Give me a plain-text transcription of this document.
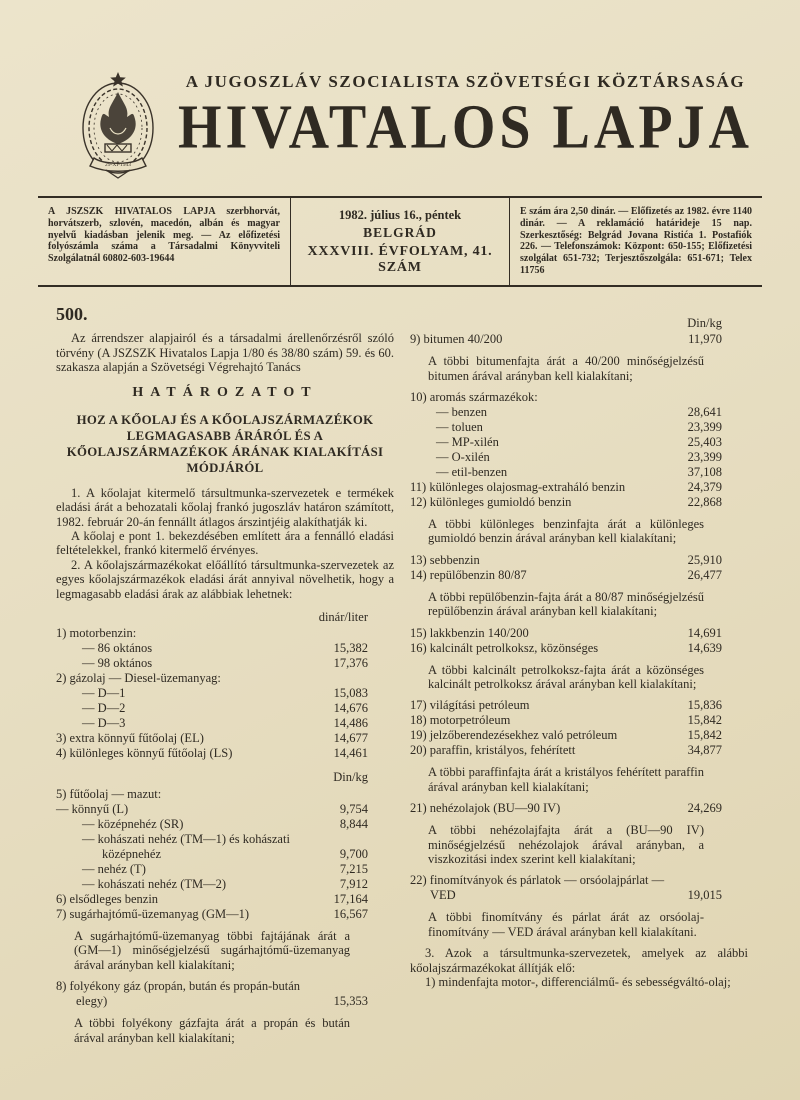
29-XI-1943
A JUGOSZLÁV SZOCIALISTA SZÖVETSÉGI KÖZTÁRSASÁG
HIVATALOS LAPJA
A JSZSZK HIVATALOS LAPJA szerbhorvát, horvátszerb, szlovén, macedón, albán és magyar nyelvű kiadásban jelenik meg. — Az előfizetési folyószámla száma a Társadalmi Könyvviteli Szolgálatnál 60802-603-19644
1982. július 16., péntek
BELGRÁD
XXXVIII. ÉVFOLYAM, 41. SZÁM
E szám ára 2,50 dinár. — Előfizetés az 1982. évre 1140 dinár. — A reklamáció határideje 15 nap. Szerkesztőség: Belgrád Jovana Ristića 1. Postafiók 226. — Telefonszámok: Központ: 650-155; Előfizetési szolgálat 651-732; Terjesztőszolgála: 651-671; Telex 11756
500.

Az árrendszer alapjairól és a társadalmi árellenőrzésről szóló törvény (A JSZSZK Hivatalos Lapja 1/80 és 38/80 szám) 59. és 60. szakasza alapján a Szövetségi Végrehajtó Tanács

HATÁROZATOT
HOZ A KŐOLAJ ÉS A KŐOLAJSZÁRMAZÉKOK LEGMAGASABB ÁRÁRÓL ÉS A KŐOLAJSZÁRMAZÉKOK ÁRÁNAK KIALAKÍTÁSI MÓDJÁRÓL

1. A kőolajat kitermelő társultmunka-szervezetek e termékek eladási árát a behozatali kőolaj frankó jugoszláv határon számított, 1982. február 20-án fennállt átlagos árszintjéig alakíthatják ki.

A kőolaj e pont 1. bekezdésében említett ára a fennálló eladási feltételekkel, frankó kitermelő érvényes.

2. A kőolajszármazékokat előállító társultmunka-szervezetek az egyes kőolajszármazékok eladási árát annyival növelhetik, hogy a legmagasabb eladási árak az alábbiak lehetnek:

dinár/liter
1) motorbenzin:
— 86 oktános	15,382
— 98 oktános	17,376
2) gázolaj — Diesel-üzemanyag:
— D—1	15,083
— D—2	14,676
— D—3	14,486
3) extra könnyű fűtőolaj (EL)	14,677
4) különleges könnyű fűtőolaj (LS)	14,461
Din/kg
5) fűtőolaj — mazut:
— könnyű (L)	9,754
— középnehéz (SR)	8,844
— kohászati nehéz (TM—1) és kohászati középnehéz	9,700
— nehéz (T)	7,215
— kohászati nehéz (TM—2)	7,912
6) elsődleges benzin	17,164
7) sugárhajtómű-üzemanyag (GM—1)	16,567

A sugárhajtómű-üzemanyag többi fajtájának árát a (GM—1) minőségjelzésű sugárhajtómű-üzemanyag árával arányban kell kialakítani;

8) folyékony gáz (propán, bután és propán-bután elegy)	15,353

A többi folyékony gázfajta árát a propán és bután árával arányban kell kialakítani;

Din/kg
9) bitumen 40/200	11,970

A többi bitumenfajta árát a 40/200 minőségjelzésű bitumen árával arányban kell kialakítani;

10) aromás származékok:
— benzen	28,641
— toluen	23,399
— MP-xilén	25,403
— O-xilén	23,399
— etil-benzen	37,108
11) különleges olajosmag-extraháló benzin	24,379
12) különleges gumioldó benzin	22,868

A többi különleges benzinfajta árát a különleges gumioldó benzin árával arányban kell kialakítani;

13) sebbenzin	25,910
14) repülőbenzin 80/87	26,477

A többi repülőbenzin-fajta árát a 80/87 minőségjelzésű repülőbenzin árával arányban kell kialakítani;

15) lakkbenzin 140/200	14,691
16) kalcinált petrolkoksz, közönséges	14,639

A többi kalcinált petrolkoksz-fajta árát a közönséges kalcinált petrolkoksz árával arányban kell kialakítani;

17) világítási petróleum	15,836
18) motorpetróleum	15,842
19) jelzőberendezésekhez való petróleum	15,842
20) paraffin, kristályos, fehérített	34,877

A többi paraffinfajta árát a kristályos fehérített paraffin árával arányban kell kialakítani;

21) nehézolajok (BU—90 IV)	24,269

A többi nehézolajfajta árát a (BU—90 IV) minőségjelzésű nehézolajok árával arányban, a viszkozitási index szerint kell kialakítani;

22) finomítványok és párlatok — orsóolajpárlat — VED	19,015

A többi finomítvány és párlat árát az orsóolaj-finomítvány — VED árával arányban kell kialakítani.

3. Azok a társultmunka-szervezetek, amelyek az alábbi kőolajszármazékokat állítják elő:

1) mindenfajta motor-, differenciálmű- és sebességváltó-olaj;
